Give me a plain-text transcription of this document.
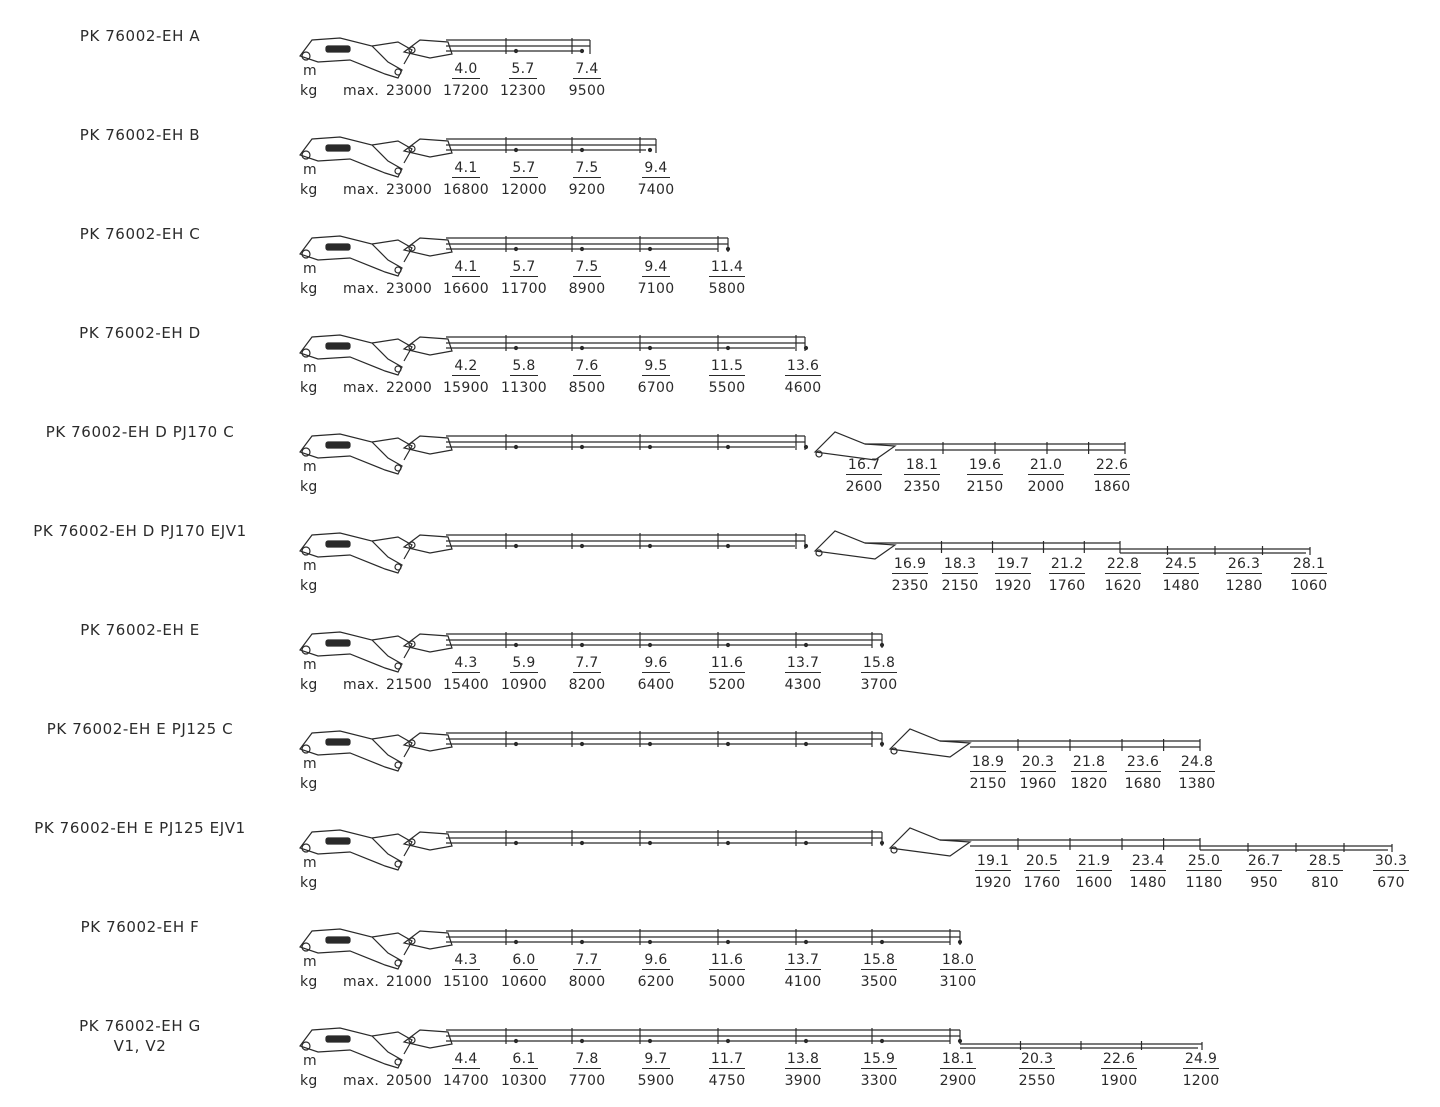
PK 76002-EH A
m
kg max. 23000
4.0	5.7	7.4
17200 12300	9500
PK 76002-EH B
m
kg max. 23000
4.1	5.7	7.5	9.4
16800 12000	9200	7400
PK 76002-EH C
m
kg max. 23000
4.1	5.7	7.5	9.4	11.4
16600 11700	8900	7100	5800
PK 76002-EH D
m
kg max. 22000
4.2	5.8	7.6	9.5	11.5	13.6
15900 11300	8500	6700	5500	4600
PK 76002-EH D PJ170 C
m
kg
16.7	18.1	19.6	21.0	22.6
2600	2350	2150	2000	1860
PK 76002-EH D PJ170 EJV1
m
kg
16.9	18.3	19.7	21.2	22.8	24.5	26.3	28.1
2350 2150	1920	1760	1620	1480	1280	1060
PK 76002-EH E
m
kg max. 21500
4.3	5.9	7.7	9.6	11.6	13.7	15.8
15400 10900	8200	6400	5200	4300	3700
PK 76002-EH E PJ125 C
m
kg
18.9	20.3	21.8	23.6	24.8
2150 1960	1820	1680	1380
PK 76002-EH E PJ125 EJV1
m
kg
19.1	20.5	21.9	23.4	25.0	26.7	28.5	30.3
1920 1760	1600	1480	1180	950	810	670
PK 76002-EH F
m
kg max. 21000
4.3	6.0	7.7	9.6	11.6	13.7	15.8	18.0
15100 10600	8000	6200	5000	4100	3500	3100
PK 76002-EH G
V1, V2
m
kg max. 20500
4.4	6.1	7.8	9.7	11.7	13.8	15.9	18.1	20.3	22.6	24.9
14700 10300	7700	5900	4750	3900	3300	2900	2550	1900	1200
